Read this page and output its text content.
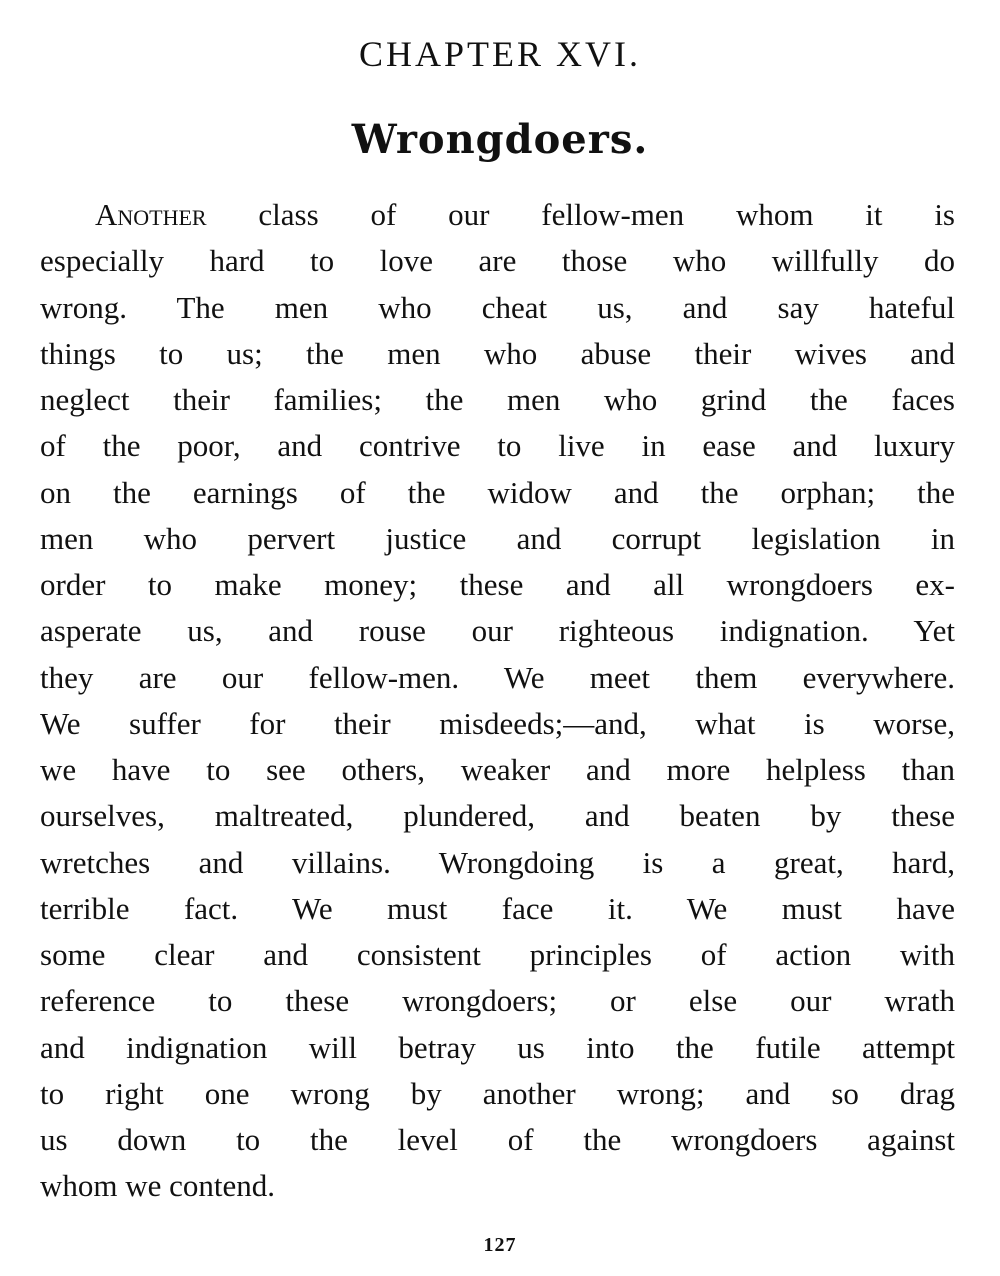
CHAPTER XVI.
Wrongdoers.
Another class of our fellow-men whom it is
especially hard to love are those who willfully do
wrong. The men who cheat us, and say hateful
things to us; the men who abuse their wives and
neglect their families; the men who grind the faces
of the poor, and contrive to live in ease and luxury
on the earnings of the widow and the orphan; the
men who pervert justice and corrupt legislation in
order to make money; these and all wrongdoers ex-
asperate us, and rouse our righteous indignation. Yet
they are our fellow-men. We meet them everywhere.
We suffer for their misdeeds;—and, what is worse,
we have to see others, weaker and more helpless than
ourselves, maltreated, plundered, and beaten by these
wretches and villains. Wrongdoing is a great, hard,
terrible fact. We must face it. We must have
some clear and consistent principles of action with
reference to these wrongdoers; or else our wrath
and indignation will betray us into the futile attempt
to right one wrong by another wrong; and so drag
us down to the level of the wrongdoers against
whom we contend.
127
